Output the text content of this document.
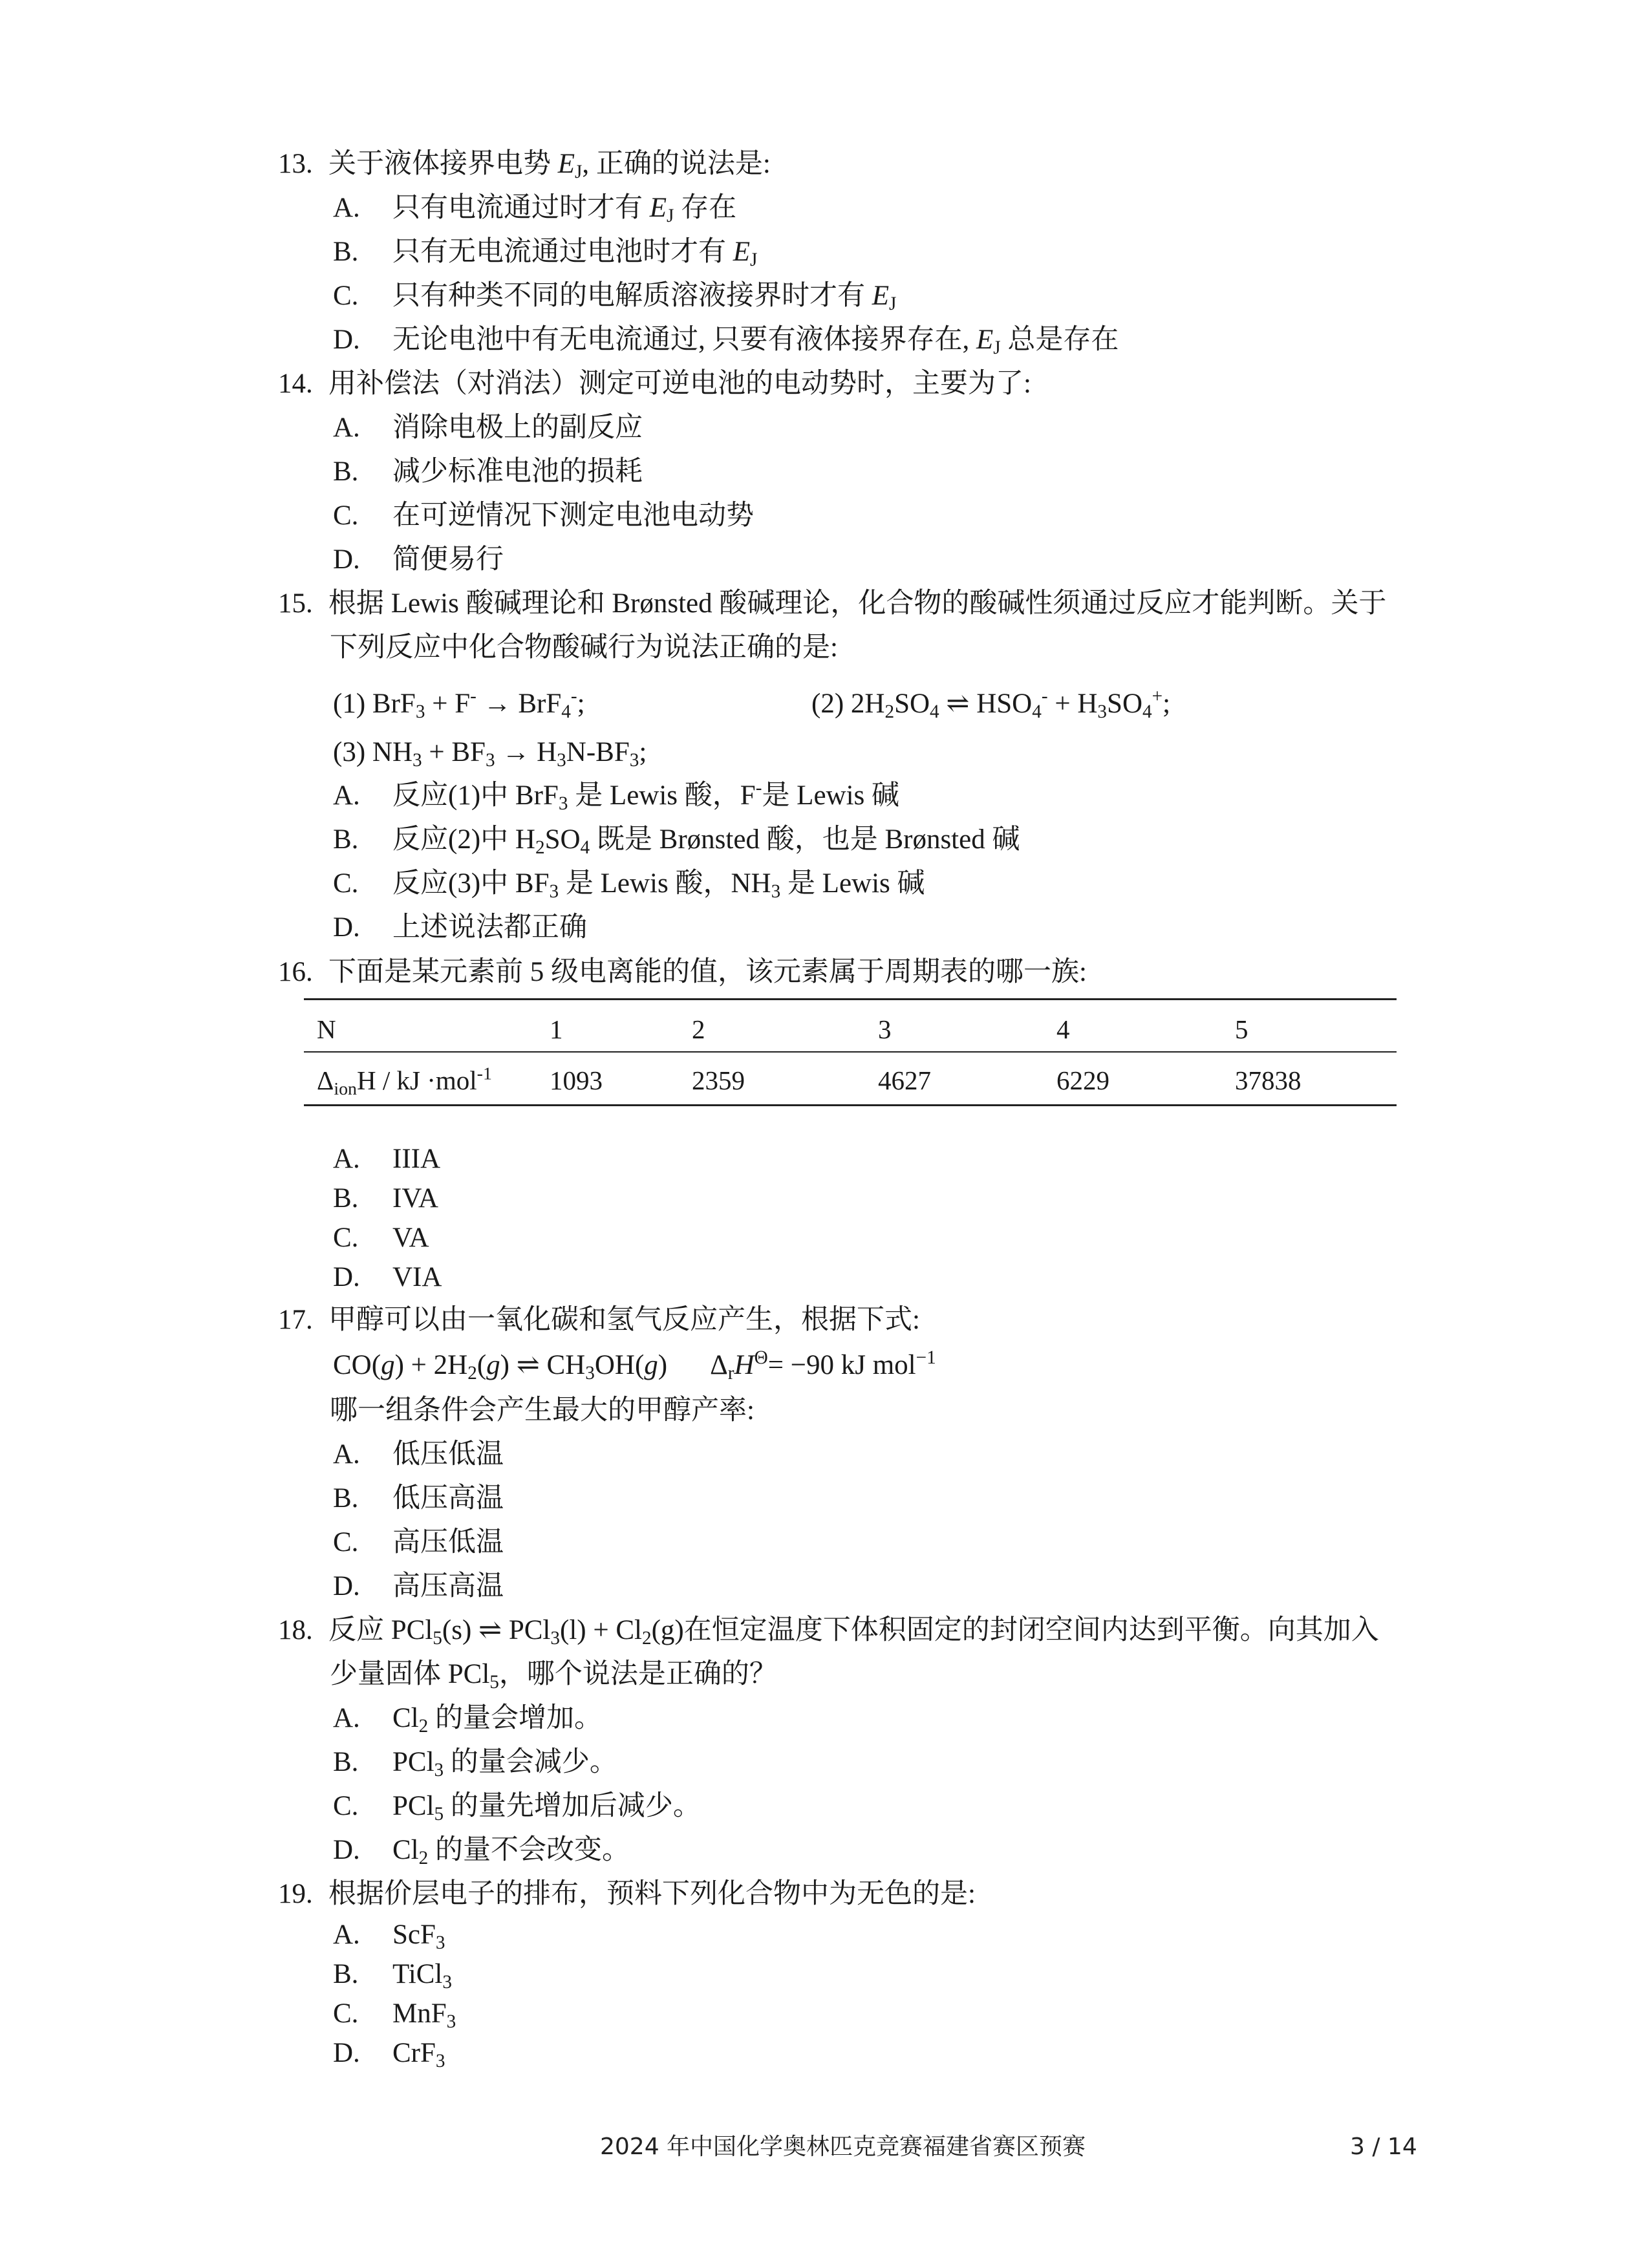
13. 关于液体接界电势 $E_J$, 正确的说法是:
A. 只有电流通过时才有 $E_J$ 存在
B. 只有无电流通过电池时才有 $E_J$
C. 只有种类不同的电解质溶液接界时才有 $E_J$
D. 无论电池中有无电流通过, 只要有液体接界存在, $E_J$ 总是存在
14. 用补偿法（对消法）测定可逆电池的电动势时，主要为了:
A. 消除电极上的副反应
B. 减少标准电池的损耗
C. 在可逆情况下测定电池电动势
D. 简便易行
15. 根据 Lewis 酸碱理论和 Brønsted 酸碱理论，化合物的酸碱性须通过反应才能判断。关于
下列反应中化合物酸碱行为说法正确的是:
(1) BrF$_3$ + F- → BrF$_4$-;	(2) $2H_2SO_4$ ⇌ $HSO_4^- + H_3SO_4^+$;
(3) $NH_3 + BF_3 \to H_3N-BF_3$;
A. 反应(1)中 BrF$_3$ 是 Lewis 酸，F-是 Lewis 碱
B. 反应(2)中 $H_2SO_4$ 既是 Brønsted 酸，也是 Brønsted 碱
C. 反应(3)中 $BF_3$ 是 Lewis 酸，$NH_3$ 是 Lewis 碱
D. 上述说法都正确
16. 下面是某元素前 5 级电离能的值，该元素属于周期表的哪一族:
N	1	2	3	4	5
$\Delta_{ion}H$ / kJ ·mol$^{-1}$ 1093	2359	4627	6229	37838
A. IIIA
B. IVA
C. VA
D. VIA
17. 甲醇可以由一氧化碳和氢气反应产生，根据下式:
$CO(g) + 2H_2(g)$ ⇌ $CH_3OH(g)$ $\Delta_rH^\Theta= -90$ kJ mol$^{-1}$
哪一组条件会产生最大的甲醇产率:
A. 低压低温
B. 低压高温
C. 高压低温
D. 高压高温
18. 反应 PCl$_5$(s) ⇌ $PCl_3(l) + Cl_2(g)$在恒定温度下体积固定的封闭空间内达到平衡。向其加入
少量固体 PCl$_5$，哪个说法是正确的？
A. $Cl_2$ 的量会增加。
B. PCl$_3$ 的量会减少。
C. PCl$_5$ 的量先增加后减少。
D. $Cl_2$ 的量不会改变。
19. 根据价层电子的排布，预料下列化合物中为无色的是:
A. ScF$_3$
B. TiCl$_3$
C. MnF$_3$
D. CrF$_3$
2024 年中国化学奥林匹克竞赛福建省赛区预赛	3 / 14
